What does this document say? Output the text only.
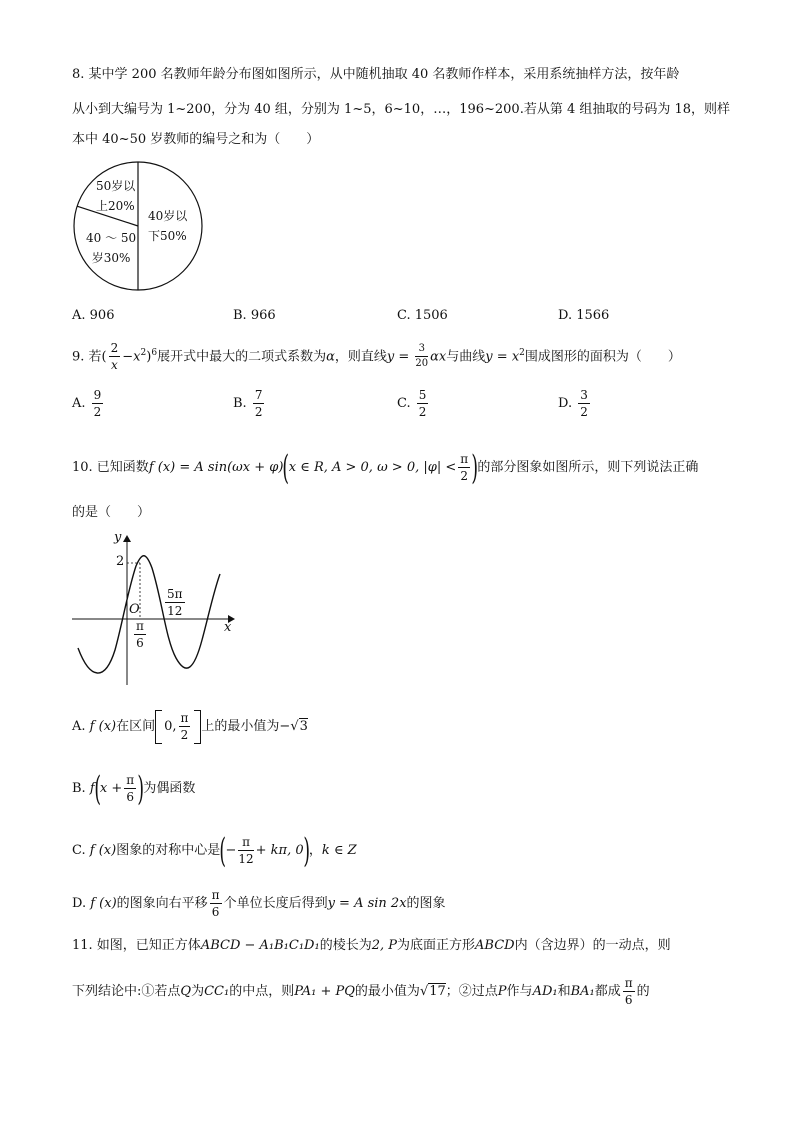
8. 某中学 200 名教师年龄分布图如图所示，从中随机抽取 40 名教师作样本，采用系统抽样方法，按年龄
从小到大编号为 1~200，分为 40 组，分别为 1~5，6~10，…，196~200.若从第 4 组抽取的号码为 18，则样
本中 40~50 岁教师的编号之和为（　　）
40岁以
下50%
40 ～ 50
岁30%
50岁以
上20%
A. 906	B. 966	C. 1506	D. 1566
9. 若( $\frac{2}{x} -x^2)^6$展开式中最大的二项式系数为α，则直线$y = \frac{3}{20}$ αx与曲线$y = x^2$围成图形的面积为（　　）
A. $\frac{9}{2}$	B. $\frac{7}{2}$	C. $\frac{5}{2}$	D. $\frac{3}{2}$
10. 已知函数f (x) = A sin(ωx + φ)(x ∈ R, A > 0, ω > 0, $|\varphi| < \frac{\pi}{2}$ )的部分图象如图所示，则下列说法正确
的是（　　）
y
x
O
2
$\frac{\pi}{6}$
$\frac{5\pi}{12}$
A. f (x)在区间 0, $\frac{\pi}{2}$ 上的最小值为−√3
B. $f(x + \frac{\pi}{6}$ )为偶函数
C. f (x)图象的对称中心是(− $\frac{\pi}{12} + k\pi$, 0)，k ∈ Z
D. f (x)的图象向右平移 $\frac{\pi}{6}$ 个单位长度后得到y = A sin 2x的图象
11. 如图，已知正方体ABCD − A₁B₁C₁D₁的棱长为2, P为底面正方形ABCD内（含边界）的一动点，则
下列结论中:①若点Q为CC₁的中点，则PA₁ + PQ的最小值为√17；②过点P作与AD₁和BA₁都成 $\frac{\pi}{6}$ 的
